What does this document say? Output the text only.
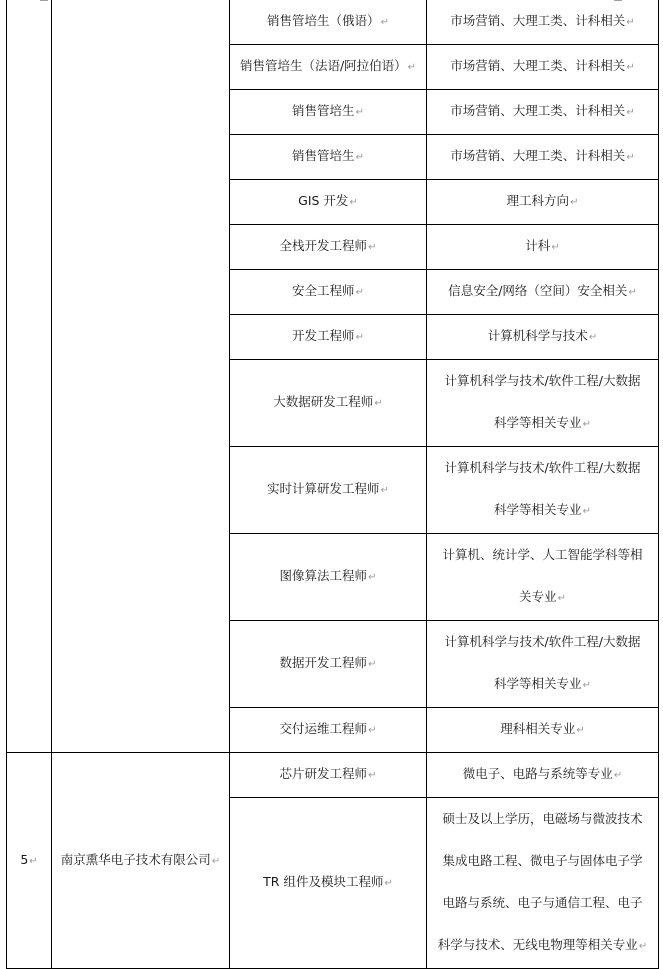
		销售管培生（俄语）↵	市场营销、大理工类、计科相关↵
		销售管培生（法语/阿拉伯语）↵	市场营销、大理工类、计科相关↵
		销售管培生↵	市场营销、大理工类、计科相关↵
		销售管培生↵	市场营销、大理工类、计科相关↵
		GIS 开发↵	理工科方向↵
		全栈开发工程师↵	计科↵
		安全工程师↵	信息安全/网络（空间）安全相关↵
		开发工程师↵	计算机科学与技术↵
		大数据研发工程师↵	计算机科学与技术/软件工程/大数据
科学等相关专业↵

		实时计算研发工程师↵	计算机科学与技术/软件工程/大数据
科学等相关专业↵

		图像算法工程师↵	计算机、统计学、人工智能学科等相
关专业↵

		数据开发工程师↵	计算机科学与技术/软件工程/大数据
科学等相关专业↵

		交付运维工程师↵	理科相关专业↵
5↵	南京熏华电子技术有限公司↵	芯片研发工程师↵	微电子、电路与系统等专业↵
		TR 组件及模块工程师↵	硕士及以上学历，电磁场与微波技术
集成电路工程、微电子与固体电子学
电路与系统、电子与通信工程、电子
科学与技术、无线电物理等相关专业↵
